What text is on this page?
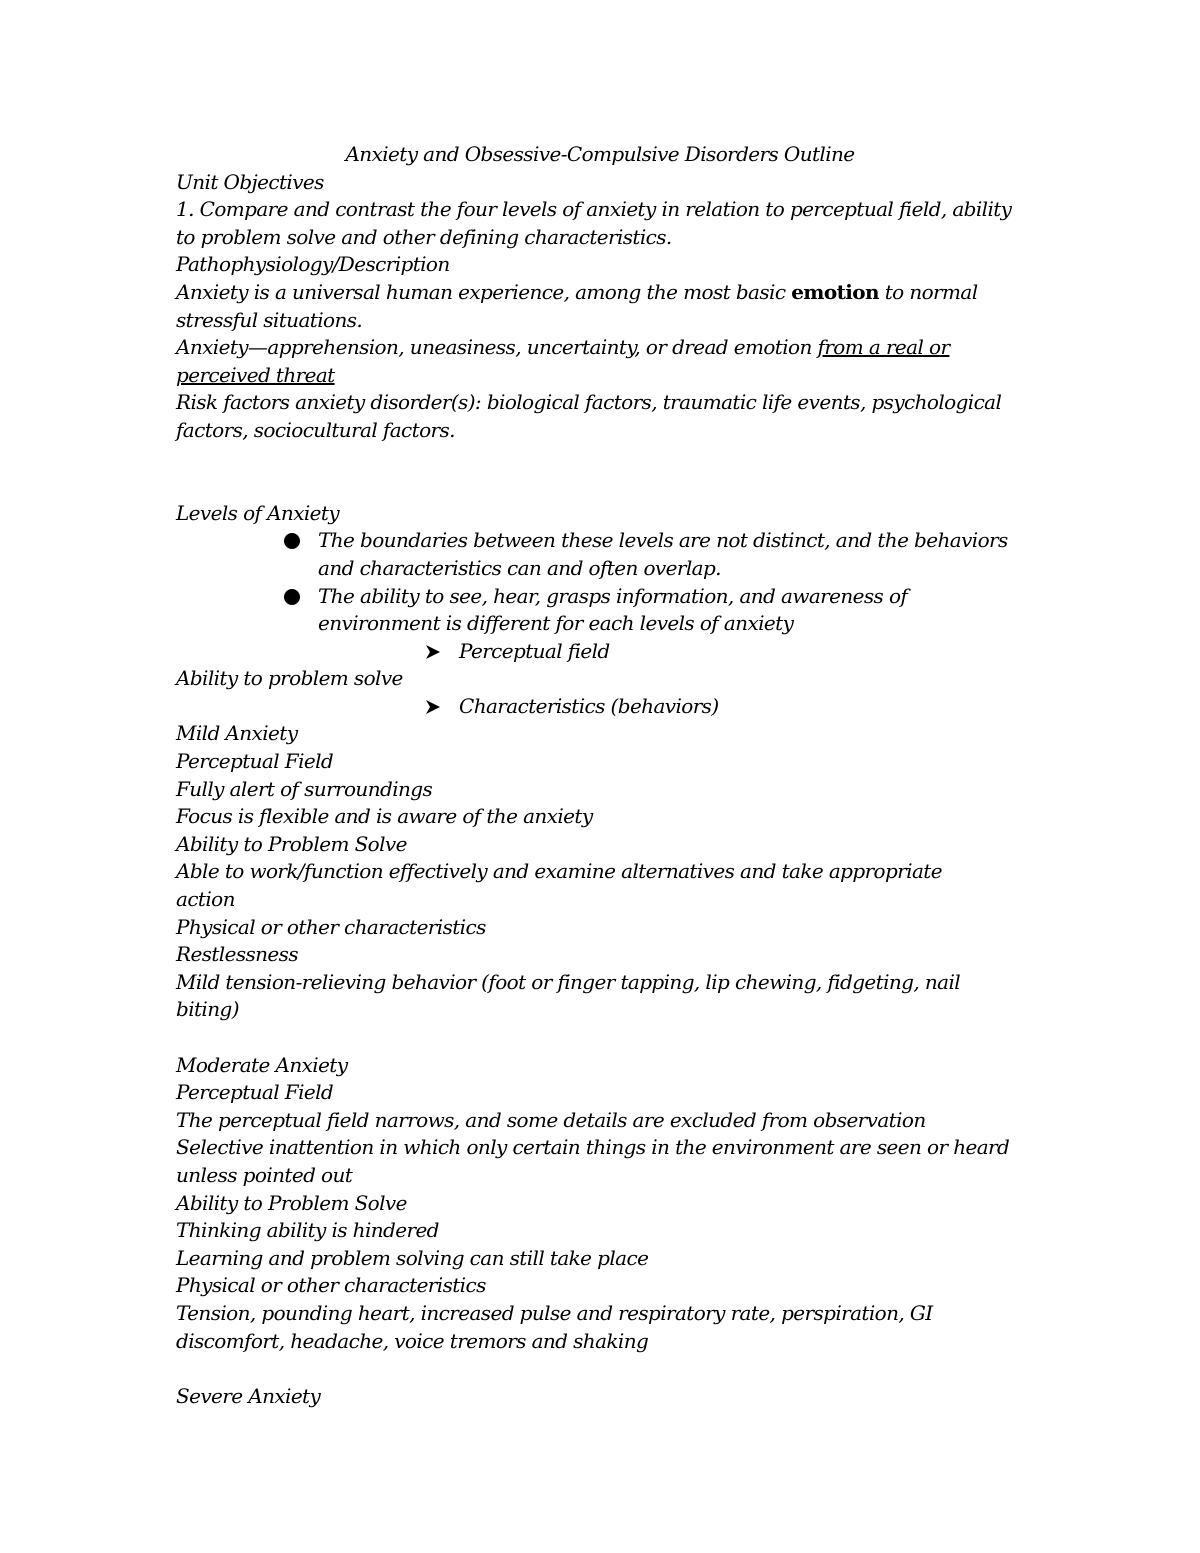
Anxiety and Obsessive-Compulsive Disorders Outline
Unit Objectives
1. Compare and contrast the four levels of anxiety in relation to perceptual field, ability
to problem solve and other defining characteristics.
Pathophysiology/Description
Anxiety is a universal human experience, among the most basic emotion to normal
stressful situations.
Anxiety—apprehension, uneasiness, uncertainty, or dread emotion from a real or
perceived threat
Risk factors anxiety disorder(s): biological factors, traumatic life events, psychological
factors, sociocultural factors.
Levels of Anxiety
The boundaries between these levels are not distinct, and the behaviors
and characteristics can and often overlap.
The ability to see, hear, grasps information, and awareness of
environment is different for each levels of anxiety
Perceptual field
Ability to problem solve
Characteristics (behaviors)
Mild Anxiety
Perceptual Field
Fully alert of surroundings
Focus is flexible and is aware of the anxiety
Ability to Problem Solve
Able to work/function effectively and examine alternatives and take appropriate
action
Physical or other characteristics
Restlessness
Mild tension-relieving behavior (foot or finger tapping, lip chewing, fidgeting, nail
biting)
Moderate Anxiety
Perceptual Field
The perceptual field narrows, and some details are excluded from observation
Selective inattention in which only certain things in the environment are seen or heard
unless pointed out
Ability to Problem Solve
Thinking ability is hindered
Learning and problem solving can still take place
Physical or other characteristics
Tension, pounding heart, increased pulse and respiratory rate, perspiration, GI
discomfort, headache, voice tremors and shaking
Severe Anxiety
